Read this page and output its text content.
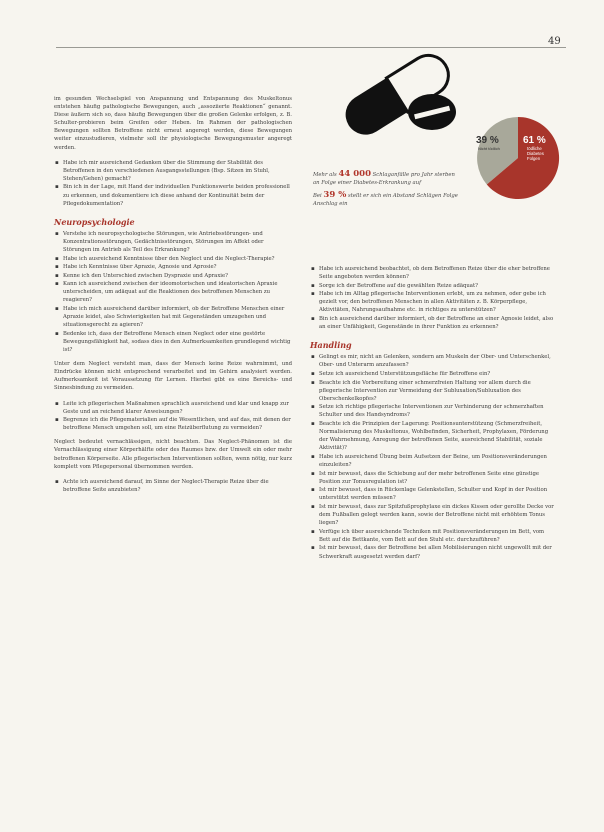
49
39 %
Nicht tödlich
61 %
tödliche
Diabetes
Folgen

Mehr als 44 000 Schlaganfälle pro Jahr sterben an Folge einer Diabetes-Erkrankung auf

Bei 39 % stellt er sich ein Abstand Schlägen Folge Anschlag ein

im gesunden Wechselspiel von Anspannung und Entspannung des Muskeltonus entstehen häufig pathologische Bewegungen, auch „assoziierte Reaktionen“ genannt. Diese äußern sich so, dass häufig Bewegungen über die großen Gelenke erfolgen, z. B. Schulter-probieren beim Greifen oder Heben. Im Rahmen der pathologischen Bewegungen sollten Betroffene nicht erneut angeregt werden, diese Bewegungen weiter einzustudieren, vielmehr soll ihr physiologische Bewegungsmuster angeregt werden.

▪ Habe ich mir ausreichend Gedanken über die Stimmung der Stabilität des Betroffenen in den verschiedenen Ausgangsstellungen (Bsp. Sitzen im Stuhl, Stehen/Gehen) gemacht?
▪ Bin ich in der Lage, mit Hand der individuellen Funktionswerte beiden professionell zu erkennen, und dokumentiere ich diese anhand der Kontinuität beim der Pflegedokumentation?
Neuropsychologie
▪ Verstehe ich neuropsychologische Störungen, wie Antriebsstörungen- und Konzentrationsstörungen, Gedächtnisstörungen, Störungen im Affekt oder Störungen im Antrieb als Teil des Erkrankung?
▪ Habe ich ausreichend Kenntnisse über den Neglect und die Neglect-Therapie?
▪ Habe ich Kenntnisse über Apraxie, Agnosie und Aprosie?
▪ Kenne ich den Unterschied zwischen Dyspraxie und Apraxie?
▪ Kann ich ausreichend zwischen der ideomotorischen und ideatorischen Apraxie unterscheiden, um adäquat auf die Reaktionen des betroffenen Menschen zu reagieren?
▪ Habe ich mich ausreichend darüber informiert, ob der Betroffene Menschen einer Apraxie leidet, also Schwierigkeiten hat mit Gegenständen umzugehen und situationsgerecht zu agieren?
▪ Bedenke ich, dass der Betroffene Mensch einen Neglect oder eine gestörte Bewegungsfähigkeit hat, sodass dies in den Aufmerksamkeiten grundlegend wichtig ist?

Unter dem Neglect versteht man, dass der Mensch keine Reize wahrnimmt, und Eindrücke können nicht entsprechend verarbeitet und im Gehirn analysiert werden. Aufmerksamkeit ist Voraussetzung für Lernen. Hierbei gibt es eine Bereichs- und Sinnesbindung zu vermeiden.

▪ Leite ich pflegerischen Maßnahmen sprachlich ausreichend und klar und knapp zur Geste und an reichend klarer Anweisungen?
▪ Begrenze ich die Pflegematerialien auf die Wesentlichen, und auf das, mit denen der betroffene Mensch umgehen soll, um eine Reizüberflutung zu vermeiden?

Neglect bedeutet vernachlässigen, nicht beachten. Das Neglect-Phänomen ist die Vernachlässigung einer Körperhälfte oder des Raumes bzw. der Umwelt ein oder mehr betroffenen Körperseite. Alle pflegerischen Interventionen sollten, wenn nötig, nur kurz komplett vom Pflegepersonal übernommen werden.

▪ Achte ich ausreichend darauf, im Sinne der Neglect-Therapie Reize über die betroffene Seite anzubieten?
▪ Habe ich ausreichend beobachtet, ob dem Betroffenen Reize über die eher betroffene Seite angeboten werden können?
▪ Sorge ich der Betroffene auf die gewählten Reize adäquat?
▪ Habe ich im Alltag pflegerische Interventionen erlebt, um zu nehmen, oder gebe ich gezielt vor, den betroffenen Menschen in allen Aktivitäten z. B. Körperpflege, Aktivitäten, Nahrungsaufnahme etc. in richtiges zu unterstützen?
▪ Bin ich ausreichend darüber informiert, ob der Betroffene an einer Agnosie leidet, also an einer Unfähigkeit, Gegenstände in ihrer Funktion zu erkennen?
Handling
▪ Gelingt es mir, nicht an Gelenken, sondern am Muskeln der Ober- und Unterschenkel, Ober- und Unterarm anzufassen?
▪ Setze ich ausreichend Unterstützungsfläche für Betroffene ein?
▪ Beachte ich die Vorbereitung einer schmerzfreien Haltung vor allem durch die pflegerische Intervention zur Vermeidung der Subluxation/Subluxation des Oberschenkelkopfes?
▪ Setze ich richtige pflegerische Interventionen zur Verhinderung der schmerzhaften Schulter und des Handsyndroms?
▪ Beachte ich die Prinzipien der Lagerung: Positionsunterstützung (Schmerzfreiheit, Normalisierung des Muskeltonus, Wohlbefinden, Sicherheit, Prophylaxen, Förderung der Wahrnehmung, Anregung der betroffenen Seite, ausreichend Stabilität, soziale Aktivität)?
▪ Habe ich ausreichend Übung beim Aufsetzen der Beine, um Positionsveränderungen einzuleiten?
▪ Ist mir bewusst, dass die Schiebung auf der mehr betroffenen Seite eine günstige Position zur Tonusregulation ist?
▪ Ist mir bewusst, dass in Rückenlage Gelenkstellen, Schulter und Kopf in der Position unterstützt werden müssen?
▪ Ist mir bewusst, dass zur Spitzfußprophylaxe ein dickes Kissen oder gerollte Decke vor dem Fußballen gelegt werden kann, sowie der Betroffene nicht mit erhöhtem Tonus liegen?
▪ Verfüge ich über ausreichende Techniken mit Positionsveränderungen im Bett, vom Bett auf die Bettkante, vom Bett auf den Stuhl etc. durchzuführen?
▪ Ist mir bewusst, dass der Betroffene bei allen Mobilisierungen nicht ungewollt mit der Schwerkraft ausgesetzt werden darf?
